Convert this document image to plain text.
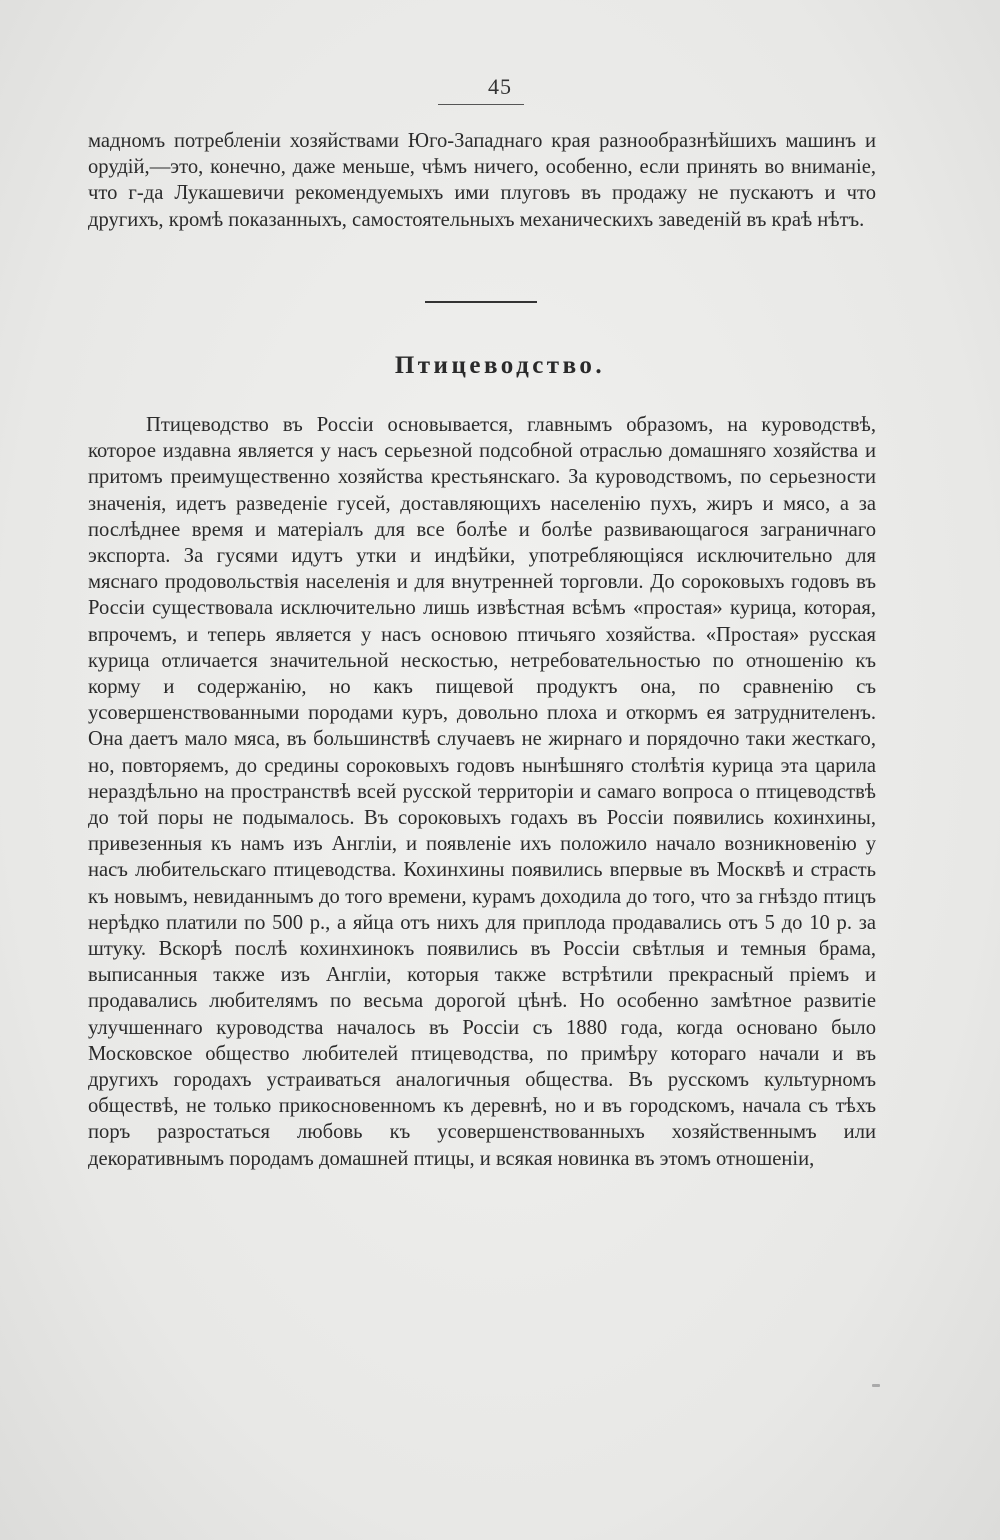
45

мадномъ потребленіи хозяйствами Юго-Западнаго края разнообразнѣйшихъ машинъ и орудій,—это, конечно, даже меньше, чѣмъ ничего, особенно, если принять во вниманіе, что г-да Лукашевичи рекомендуемыхъ ими плуговъ въ продажу не пускаютъ и что другихъ, кромѣ показанныхъ, самостоятельныхъ механическихъ заведеній въ краѣ нѣтъ.

Птицеводство.

Птицеводство въ Россіи основывается, главнымъ образомъ, на куроводствѣ, которое издавна является у насъ серьезной подсобной отраслью домашняго хозяйства и притомъ преимущественно хозяйства крестьянскаго. За куроводствомъ, по серьезности значенія, идетъ разведеніе гусей, доставляющихъ населенію пухъ, жиръ и мясо, а за послѣднее время и матеріалъ для все болѣе и болѣе развивающагося заграничнаго экспорта. За гусями идутъ утки и индѣйки, употребляющіяся исключительно для мяснаго продовольствія населенія и для внутренней торговли. До сороковыхъ годовъ въ Россіи существовала исключительно лишь извѣстная всѣмъ «простая» курица, которая, впрочемъ, и теперь является у насъ основою птичьяго хозяйства. «Простая» русская курица отличается значительной нескостью, нетребовательностью по отношенію къ корму и содержанію, но какъ пищевой продуктъ она, по сравненію съ усовершенствованными породами куръ, довольно плоха и откормъ ея затруднителенъ. Она даетъ мало мяса, въ большинствѣ случаевъ не жирнаго и порядочно таки жесткаго, но, повторяемъ, до средины сороковыхъ годовъ нынѣшняго столѣтія курица эта царила нераздѣльно на пространствѣ всей русской территоріи и самаго вопроса о птицеводствѣ до той поры не подымалось. Въ сороковыхъ годахъ въ Россіи появились кохинхины, привезенныя къ намъ изъ Англіи, и появленіе ихъ положило начало возникновенію у насъ любительскаго птицеводства. Кохинхины появились впервые въ Москвѣ и страсть къ новымъ, невиданнымъ до того времени, курамъ доходила до того, что за гнѣздо птицъ нерѣдко платили по 500 р., а яйца отъ нихъ для приплода продавались отъ 5 до 10 р. за штуку. Вскорѣ послѣ кохинхинокъ появились въ Россіи свѣтлыя и темныя брама, выписанныя также изъ Англіи, которыя также встрѣтили прекрасный пріемъ и продавались любителямъ по весьма дорогой цѣнѣ. Но особенно замѣтное развитіе улучшеннаго куроводства началось въ Россіи съ 1880 года, когда основано было Московское общество любителей птицеводства, по примѣру котораго начали и въ другихъ городахъ устраиваться аналогичныя общества. Въ русскомъ культурномъ обществѣ, не только прикосновенномъ къ деревнѣ, но и въ городскомъ, начала съ тѣхъ поръ разростаться любовь къ усовершенствованныхъ хозяйственнымъ или декоративнымъ породамъ домашней птицы, и всякая новинка въ этомъ отношеніи,
